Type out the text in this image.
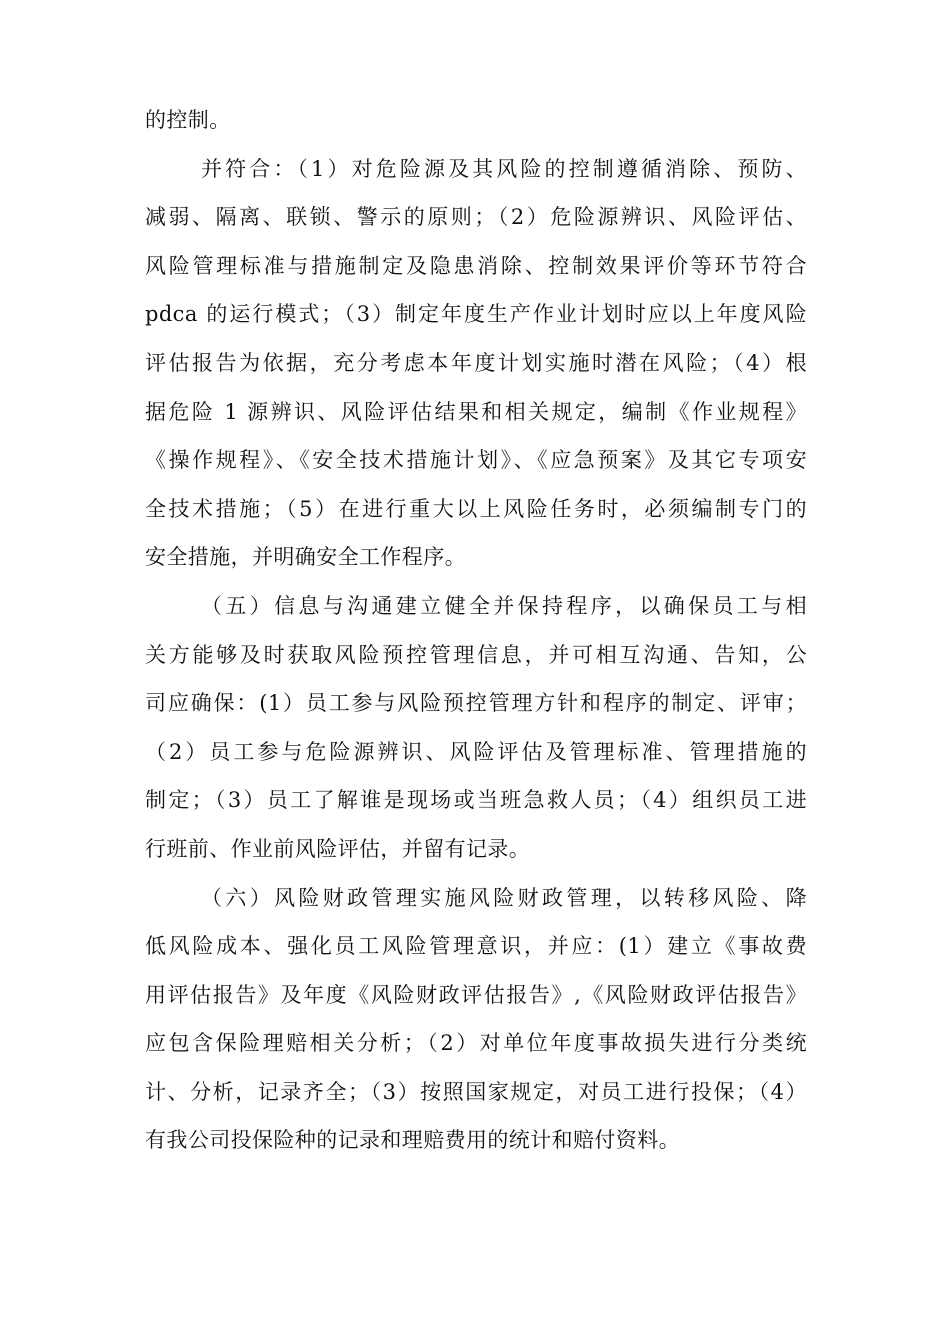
的控制。
并符合：（1）对危险源及其风险的控制遵循消除、预防、
减弱、隔离、联锁、警示的原则；（2）危险源辨识、风险评估、
风险管理标准与措施制定及隐患消除、控制效果评价等环节符合
pdca 的运行模式；（3）制定年度生产作业计划时应以上年度风险
评估报告为依据，充分考虑本年度计划实施时潜在风险；（4）根
据危险 1 源辨识、风险评估结果和相关规定，编制《作业规程》
《操作规程》、《安全技术措施计划》、《应急预案》及其它专项安
全技术措施；（5）在进行重大以上风险任务时，必须编制专门的
安全措施，并明确安全工作程序。
（五）信息与沟通建立健全并保持程序，以确保员工与相
关方能够及时获取风险预控管理信息，并可相互沟通、告知，公
司应确保：(1）员工参与风险预控管理方针和程序的制定、评审；
（2）员工参与危险源辨识、风险评估及管理标准、管理措施的
制定；（3）员工了解谁是现场或当班急救人员；（4）组织员工进
行班前、作业前风险评估，并留有记录。
（六）风险财政管理实施风险财政管理，以转移风险、降
低风险成本、强化员工风险管理意识，并应：(1）建立《事故费
用评估报告》及年度《风险财政评估报告》,《风险财政评估报告》
应包含保险理赔相关分析；（2）对单位年度事故损失进行分类统
计、分析，记录齐全；（3）按照国家规定，对员工进行投保；（4）
有我公司投保险种的记录和理赔费用的统计和赔付资料。
